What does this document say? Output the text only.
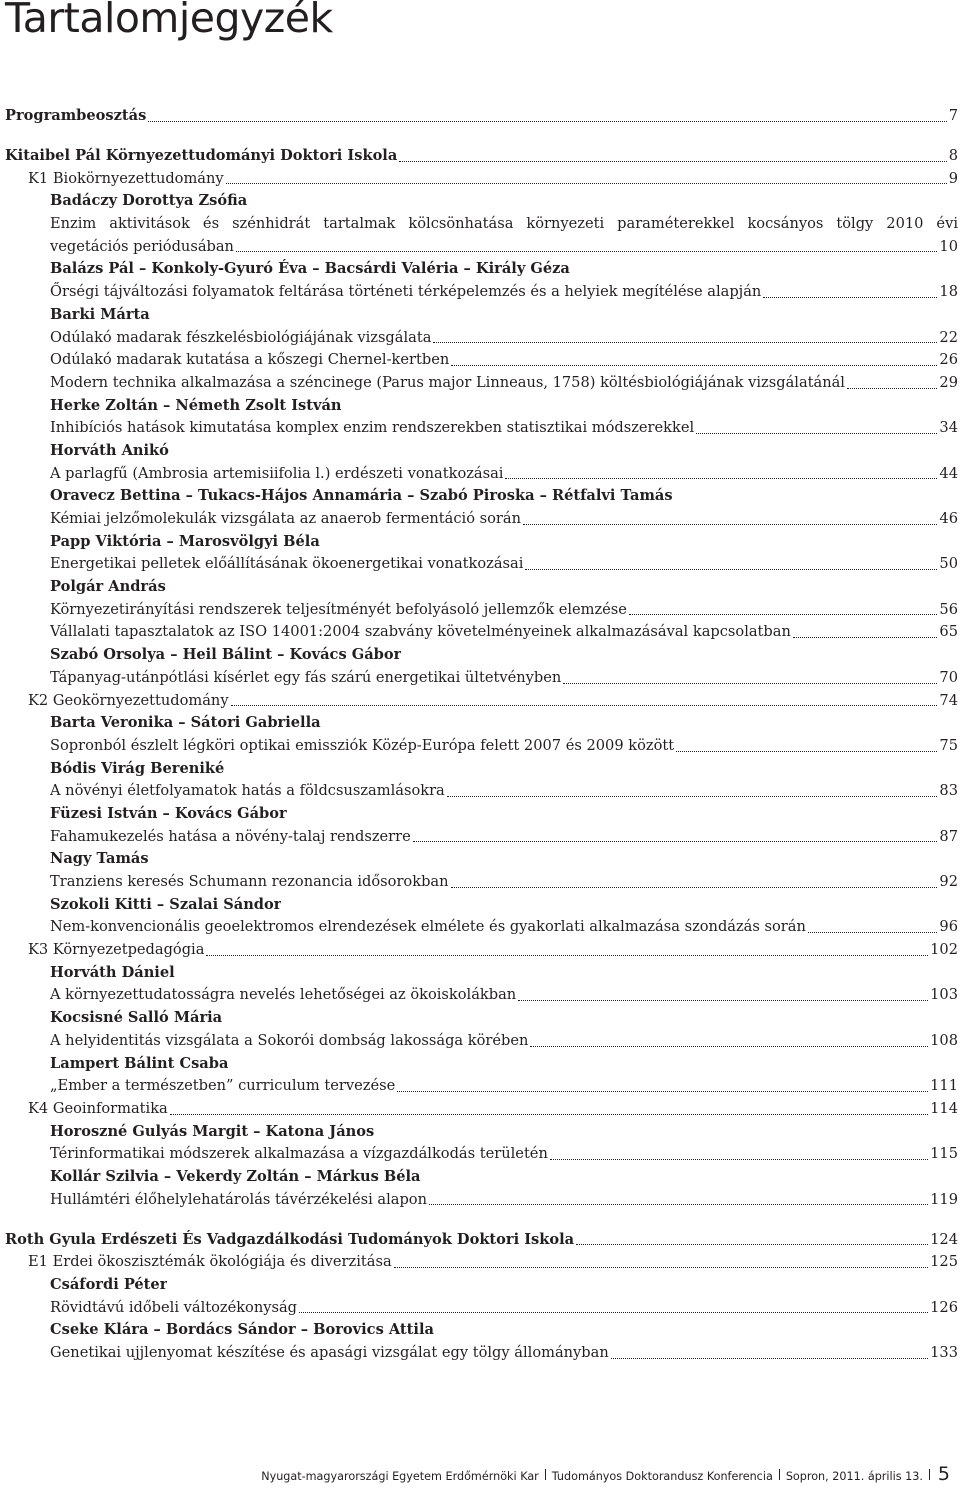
Tartalomjegyzék
Programbeosztás	7
Kitaibel Pál Környezettudományi Doktori Iskola	8
K1 Biokörnyezettudomány	9
Badáczy Dorottya Zsófia
Enzim aktivitások és szénhidrát tartalmak kölcsönhatása környezeti paraméterekkel kocsányos tölgy 2010 évi
vegetációs periódusában	10
Balázs Pál – Konkoly-Gyuró Éva – Bacsárdi Valéria – Király Géza
Őrségi tájváltozási folyamatok feltárása történeti térképelemzés és a helyiek megítélése alapján	18
Barki Márta
Odúlakó madarak fészkelésbiológiájának vizsgálata	22
Odúlakó madarak kutatása a kőszegi Chernel-kertben	26
Modern technika alkalmazása a széncinege (Parus major Linneaus, 1758) költésbiológiájának vizsgálatánál	29
Herke Zoltán – Németh Zsolt István
Inhibíciós hatások kimutatása komplex enzim rendszerekben statisztikai módszerekkel	34
Horváth Anikó
A parlagfű (Ambrosia artemisiifolia l.) erdészeti vonatkozásai	44
Oravecz Bettina – Tukacs-Hájos Annamária – Szabó Piroska – Rétfalvi Tamás
Kémiai jelzőmolekulák vizsgálata az anaerob fermentáció során	46
Papp Viktória – Marosvölgyi Béla
Energetikai pelletek előállításának ökoenergetikai vonatkozásai	50
Polgár András
Környezetirányítási rendszerek teljesítményét befolyásoló jellemzők elemzése	56
Vállalati tapasztalatok az ISO 14001:2004 szabvány követelményeinek alkalmazásával kapcsolatban	65
Szabó Orsolya – Heil Bálint – Kovács Gábor
Tápanyag-utánpótlási kísérlet egy fás szárú energetikai ültetvényben	70
K2 Geokörnyezettudomány	74
Barta Veronika – Sátori Gabriella
Sopronból észlelt légköri optikai emissziók Közép-Európa felett 2007 és 2009 között	75
Bódis Virág Bereniké
A növényi életfolyamatok hatás a földcsuszamlásokra	83
Füzesi István – Kovács Gábor
Fahamukezelés hatása a növény-talaj rendszerre	87
Nagy Tamás
Tranziens keresés Schumann rezonancia idősorokban	92
Szokoli Kitti – Szalai Sándor
Nem-konvencionális geoelektromos elrendezések elmélete és gyakorlati alkalmazása szondázás során	96
K3 Környezetpedagógia	102
Horváth Dániel
A környezettudatosságra nevelés lehetőségei az ökoiskolákban	103
Kocsisné Salló Mária
A helyidentitás vizsgálata a Sokorói dombság lakossága körében	108
Lampert Bálint Csaba
„Ember a természetben” curriculum tervezése	111
K4 Geoinformatika	114
Horoszné Gulyás Margit – Katona János
Térinformatikai módszerek alkalmazása a vízgazdálkodás területén	115
Kollár Szilvia – Vekerdy Zoltán – Márkus Béla
Hullámtéri élőhelylehatárolás távérzékelési alapon	119
Roth Gyula Erdészeti És Vadgazdálkodási Tudományok Doktori Iskola	124
E1 Erdei ökoszisztémák ökológiája és diverzitása	125
Csáfordi Péter
Rövidtávú időbeli változékonyság	126
Cseke Klára – Bordács Sándor – Borovics Attila
Genetikai ujjlenyomat készítése és apasági vizsgálat egy tölgy állományban	133
Nyugat-magyarországi Egyetem Erdőmérnöki Kar Tudományos Doktorandusz Konferencia Sopron, 2011. április 13. 5
